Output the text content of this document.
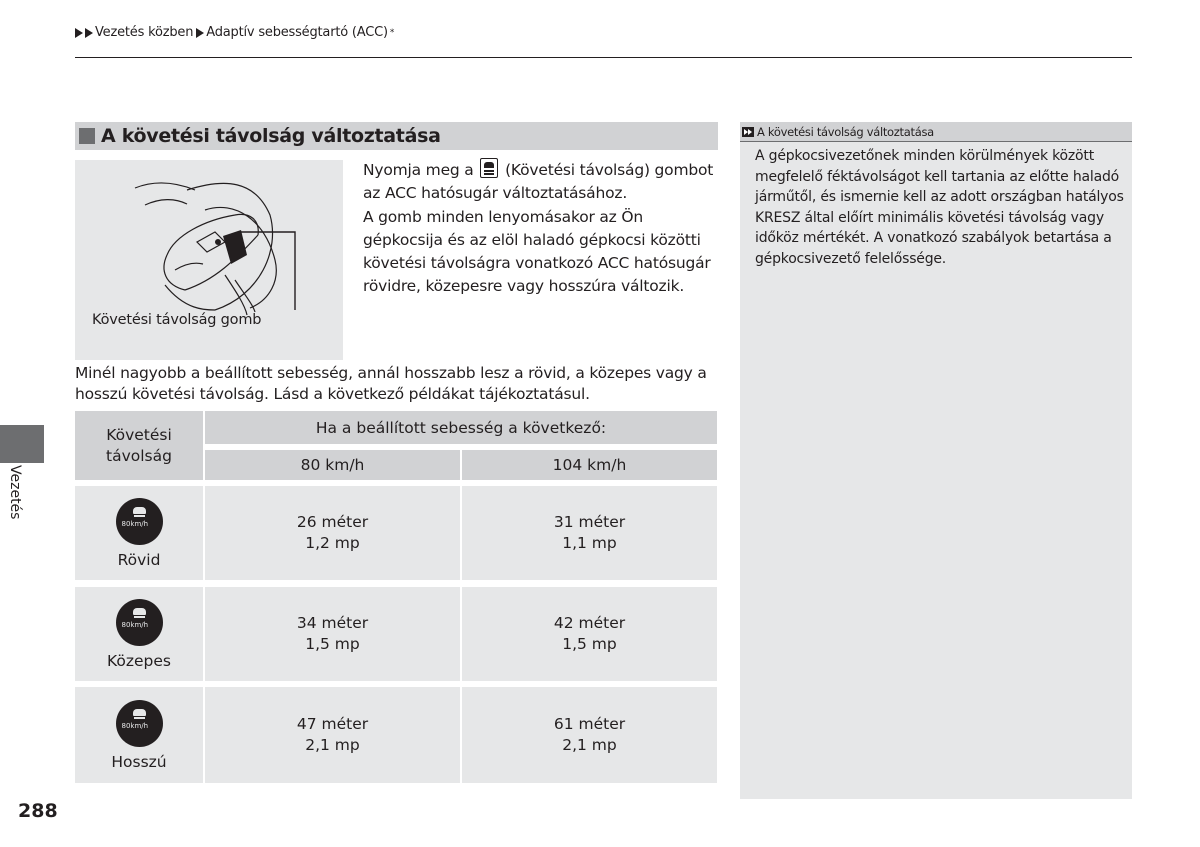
Vezetés közben Adaptív sebességtartó (ACC) *
A követési távolság változtatása
Követési távolság gomb
Nyomja meg a (Követési távolság) gombot az ACC hatósugár változtatásához.
A gomb minden lenyomásakor az Ön gépkocsija és az elöl haladó gépkocsi közötti követési távolságra vonatkozó ACC hatósugár rövidre, közepesre vagy hosszúra változik.
Minél nagyobb a beállított sebesség, annál hosszabb lesz a rövid, a közepes vagy a hosszú követési távolság. Lásd a következő példákat tájékoztatásul.
Követési
távolság
Ha a beállított sebesség a következő:
80 km/h	104 km/h
80km/h
Rövid
26 méter
1,2 mp
31 méter
1,1 mp
80km/h
Közepes
34 méter
1,5 mp
42 méter
1,5 mp
80km/h
Hosszú
47 méter
2,1 mp
61 méter
2,1 mp
Vezetés
288
A követési távolság változtatása
A gépkocsivezetőnek minden körülmények között megfelelő féktávolságot kell tartania az előtte haladó járműtől, és ismernie kell az adott országban hatályos KRESZ által előírt minimális követési távolság vagy időköz mértékét. A vonatkozó szabályok betartása a gépkocsivezető felelőssége.
